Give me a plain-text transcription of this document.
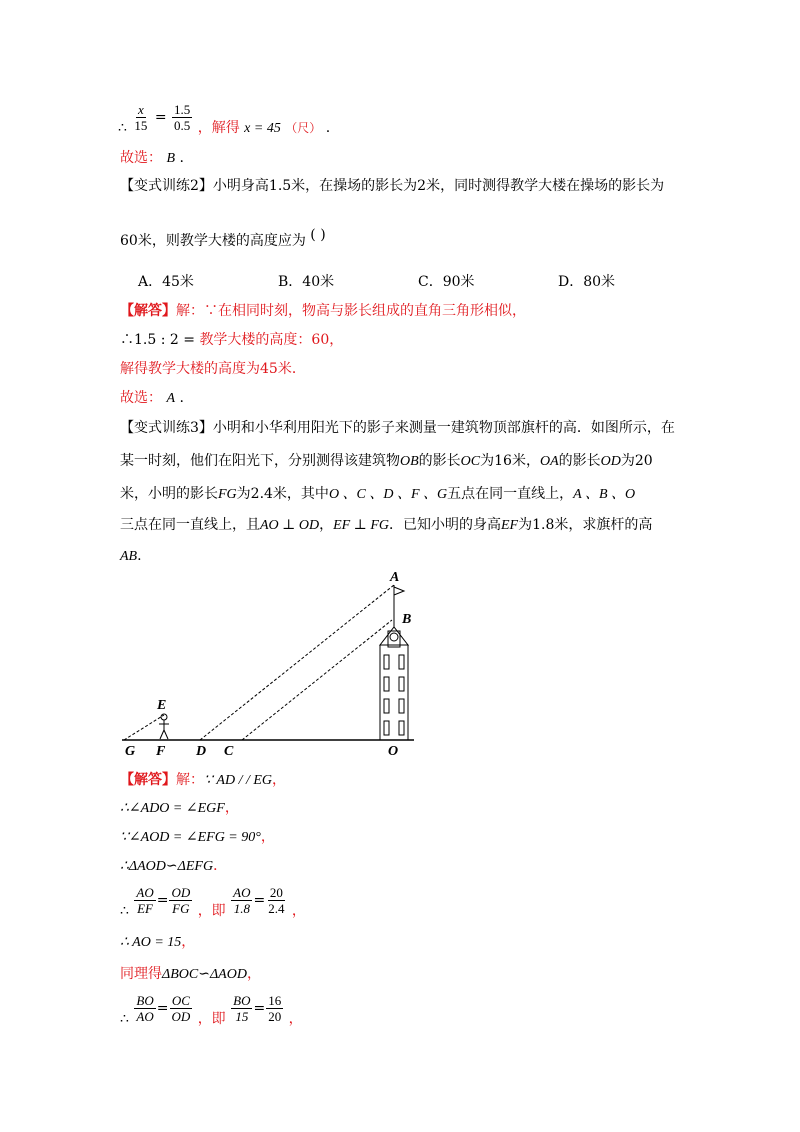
∴ $\frac{x}{15} = \frac{1.5}{0.5}$ ，解得 x = 45 （尺） .
故选： B .
【变式训练2】小明身高1.5米，在操场的影长为2米，同时测得教学大楼在操场的影长为
60米，则教学大楼的高度应为 ( )
A．45米	B．40米	C．90米	D．80米
【解答】解：∵在相同时刻，物高与影长组成的直角三角形相似，
∴1.5 : 2 = 教学大楼的高度：60，
解得教学大楼的高度为45米．
故选： A .
【变式训练3】小明和小华利用阳光下的影子来测量一建筑物顶部旗杆的高．如图所示，在
某一时刻，他们在阳光下，分别测得该建筑物OB的影长OC为16米，OA的影长OD为20
米，小明的影长FG为2.4米，其中O 、C 、D 、F 、G五点在同一直线上，A 、B 、O
三点在同一直线上，且AO ⊥ OD，EF ⊥ FG．已知小明的身高EF为1.8米，求旗杆的高
AB.
A
B
E
G F D C	O
【解答】解：∵ AD / / EG，
∴∠ADO = ∠EGF，
∵∠AOD = ∠EFG = 90°，
∴ΔAOD∽ΔEFG．
∴ $\frac{AO}{EF} = \frac{OD}{FG}$ ，即 $\frac{AO}{1.8} = \frac{20}{2.4}$ ，
∴ AO = 15，
同理得ΔBOC∽ΔAOD，
∴ $\frac{BO}{AO} = \frac{OC}{OD}$ ，即 $\frac{BO}{15} = \frac{16}{20}$ ，
